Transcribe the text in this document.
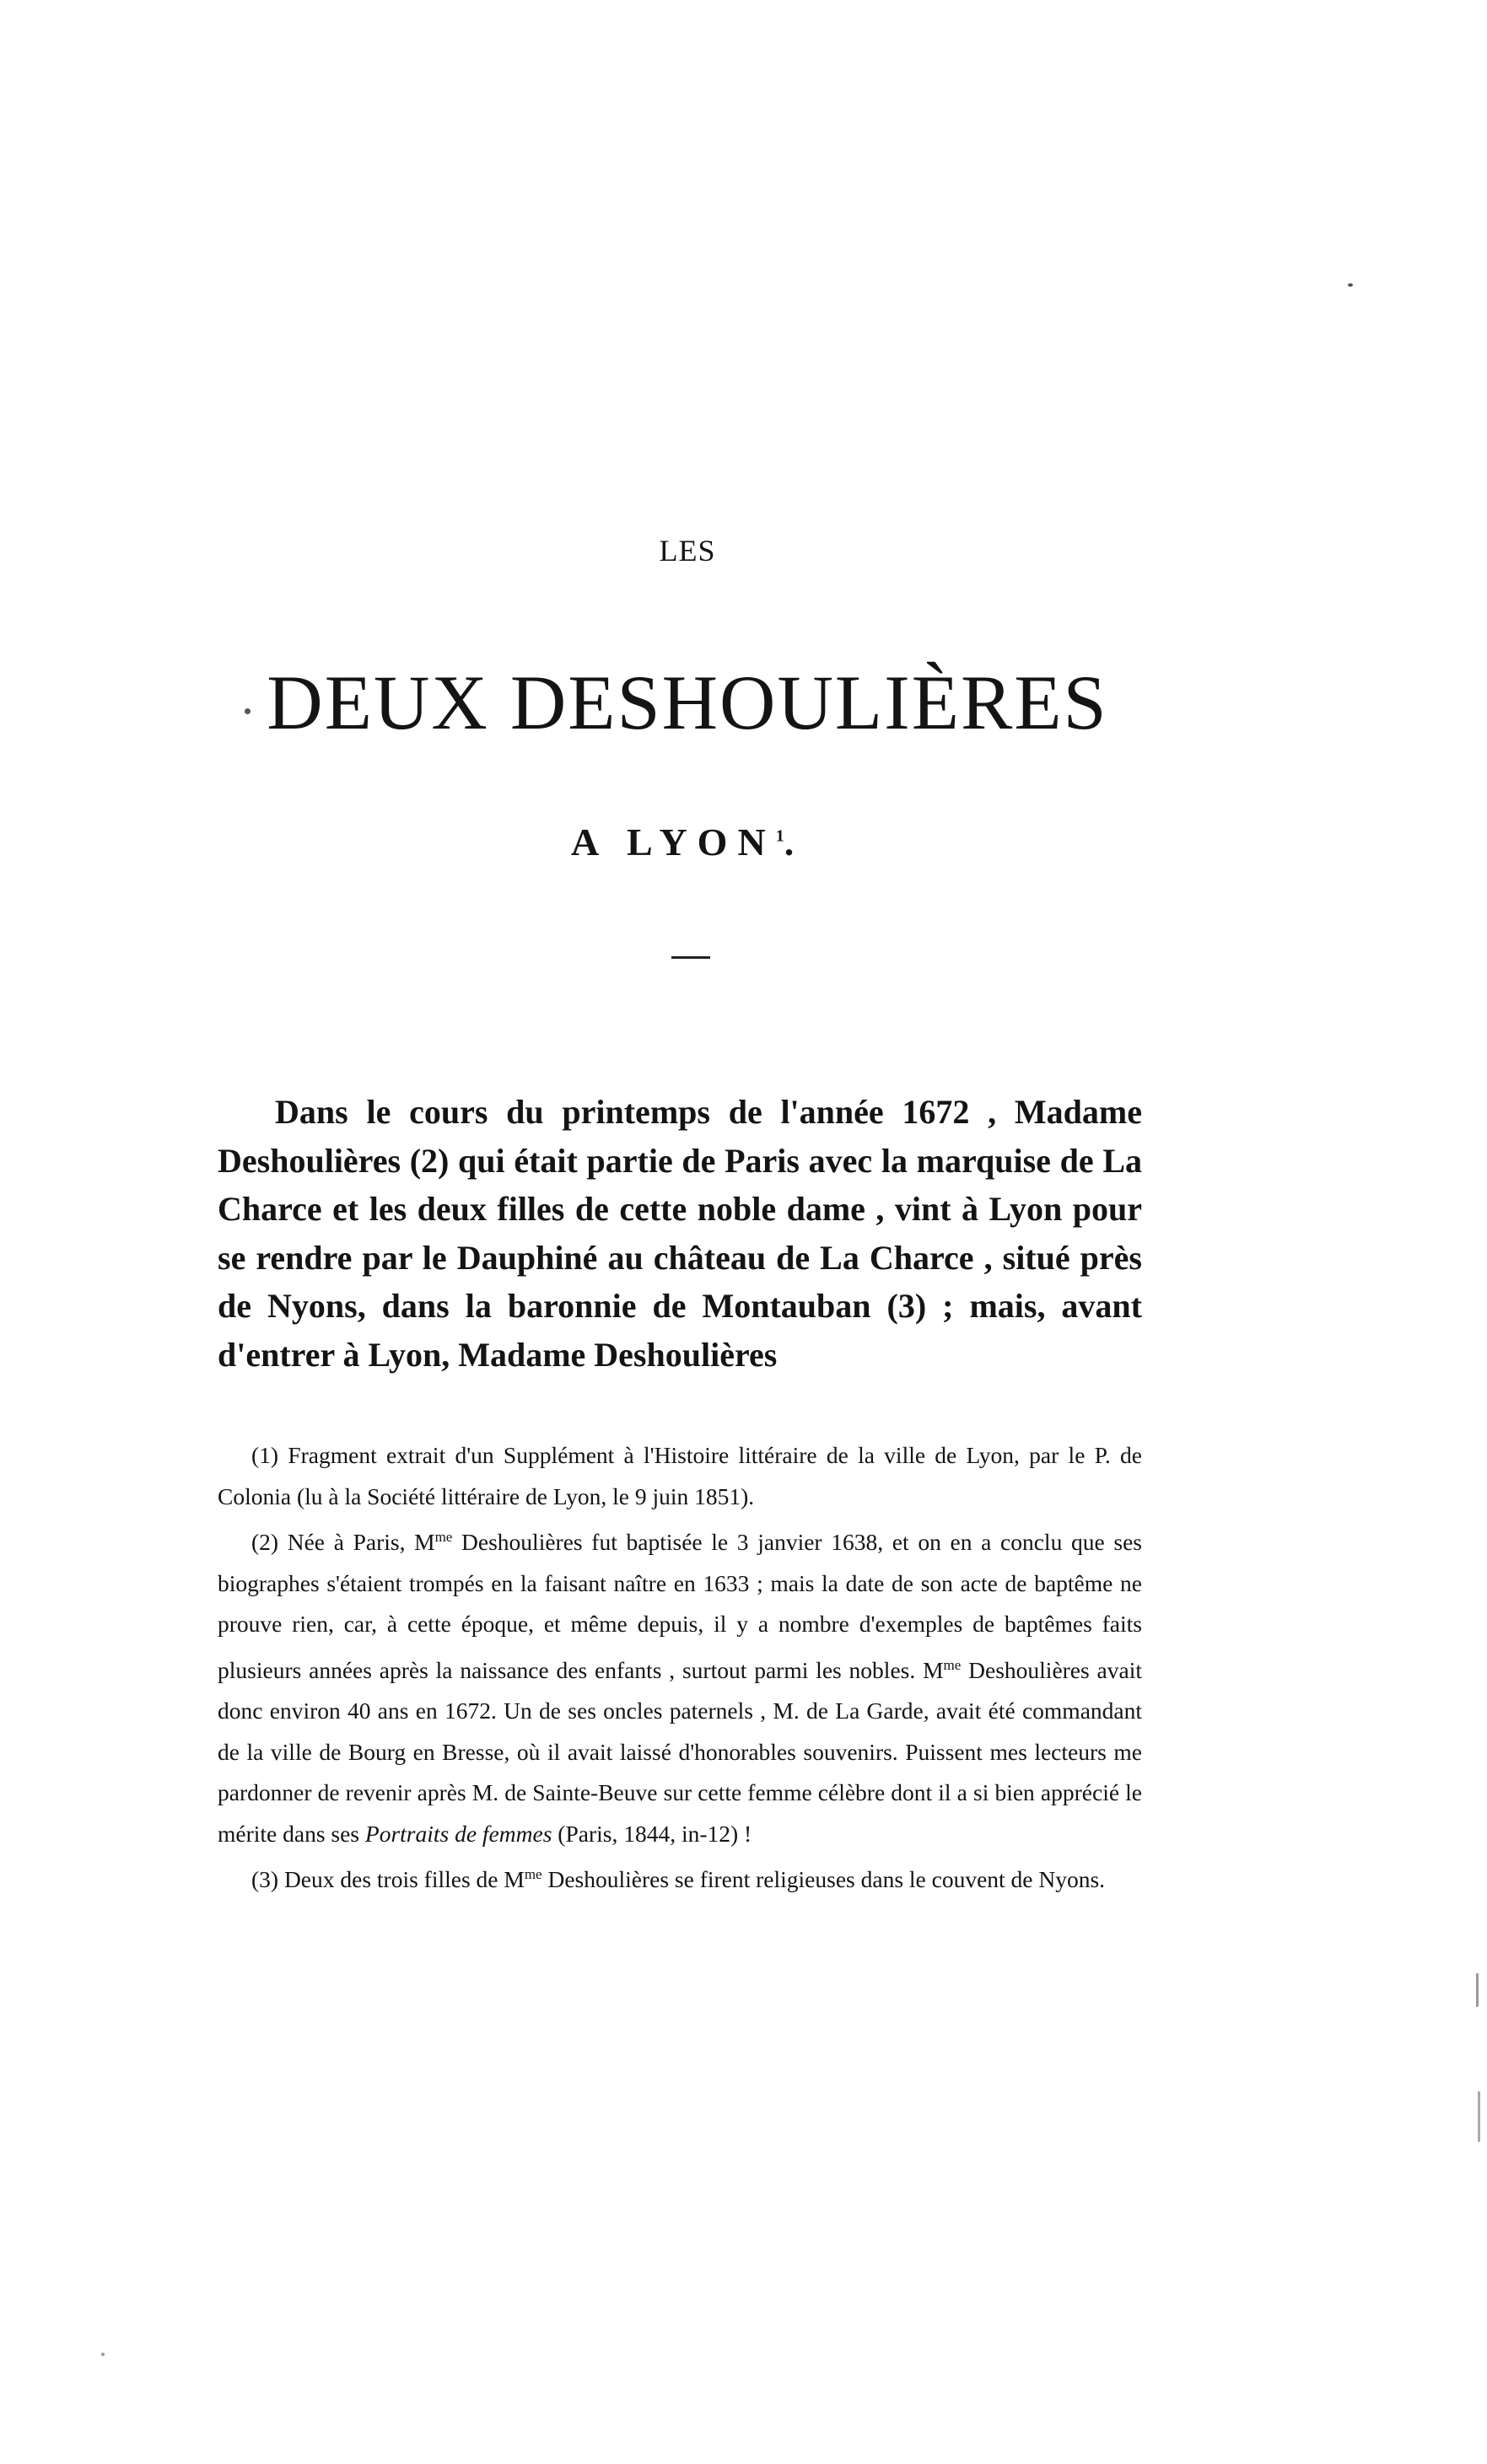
LES
DEUX DESHOULIÈRES
A LYON$^1$.

Dans le cours du printemps de l'année 1672 , Madame Deshoulières (2) qui était partie de Paris avec la marquise de La Charce et les deux filles de cette noble dame , vint à Lyon pour se rendre par le Dauphiné au château de La Charce , situé près de Nyons, dans la baronnie de Montauban (3) ; mais, avant d'entrer à Lyon, Madame Deshoulières

(1) Fragment extrait d'un Supplément à l'Histoire littéraire de la ville de Lyon, par le P. de Colonia (lu à la Société littéraire de Lyon, le 9 juin 1851).

(2) Née à Paris, $M^{me}$ Deshoulières fut baptisée le 3 janvier 1638, et on en a conclu que ses biographes s'étaient trompés en la faisant naître en 1633 ; mais la date de son acte de baptême ne prouve rien, car, à cette époque, et même depuis, il y a nombre d'exemples de baptêmes faits plusieurs années après la naissance des enfants , surtout parmi les nobles. $M^{me}$ Deshoulières avait donc environ 40 ans en 1672. Un de ses oncles paternels , M. de La Garde, avait été commandant de la ville de Bourg en Bresse, où il avait laissé d'honorables souvenirs. Puissent mes lecteurs me pardonner de revenir après M. de Sainte-Beuve sur cette femme célèbre dont il a si bien apprécié le mérite dans ses Portraits de femmes (Paris, 1844, in-12) !

(3) Deux des trois filles de $M^{me}$ Deshoulières se firent religieuses dans le couvent de Nyons.
